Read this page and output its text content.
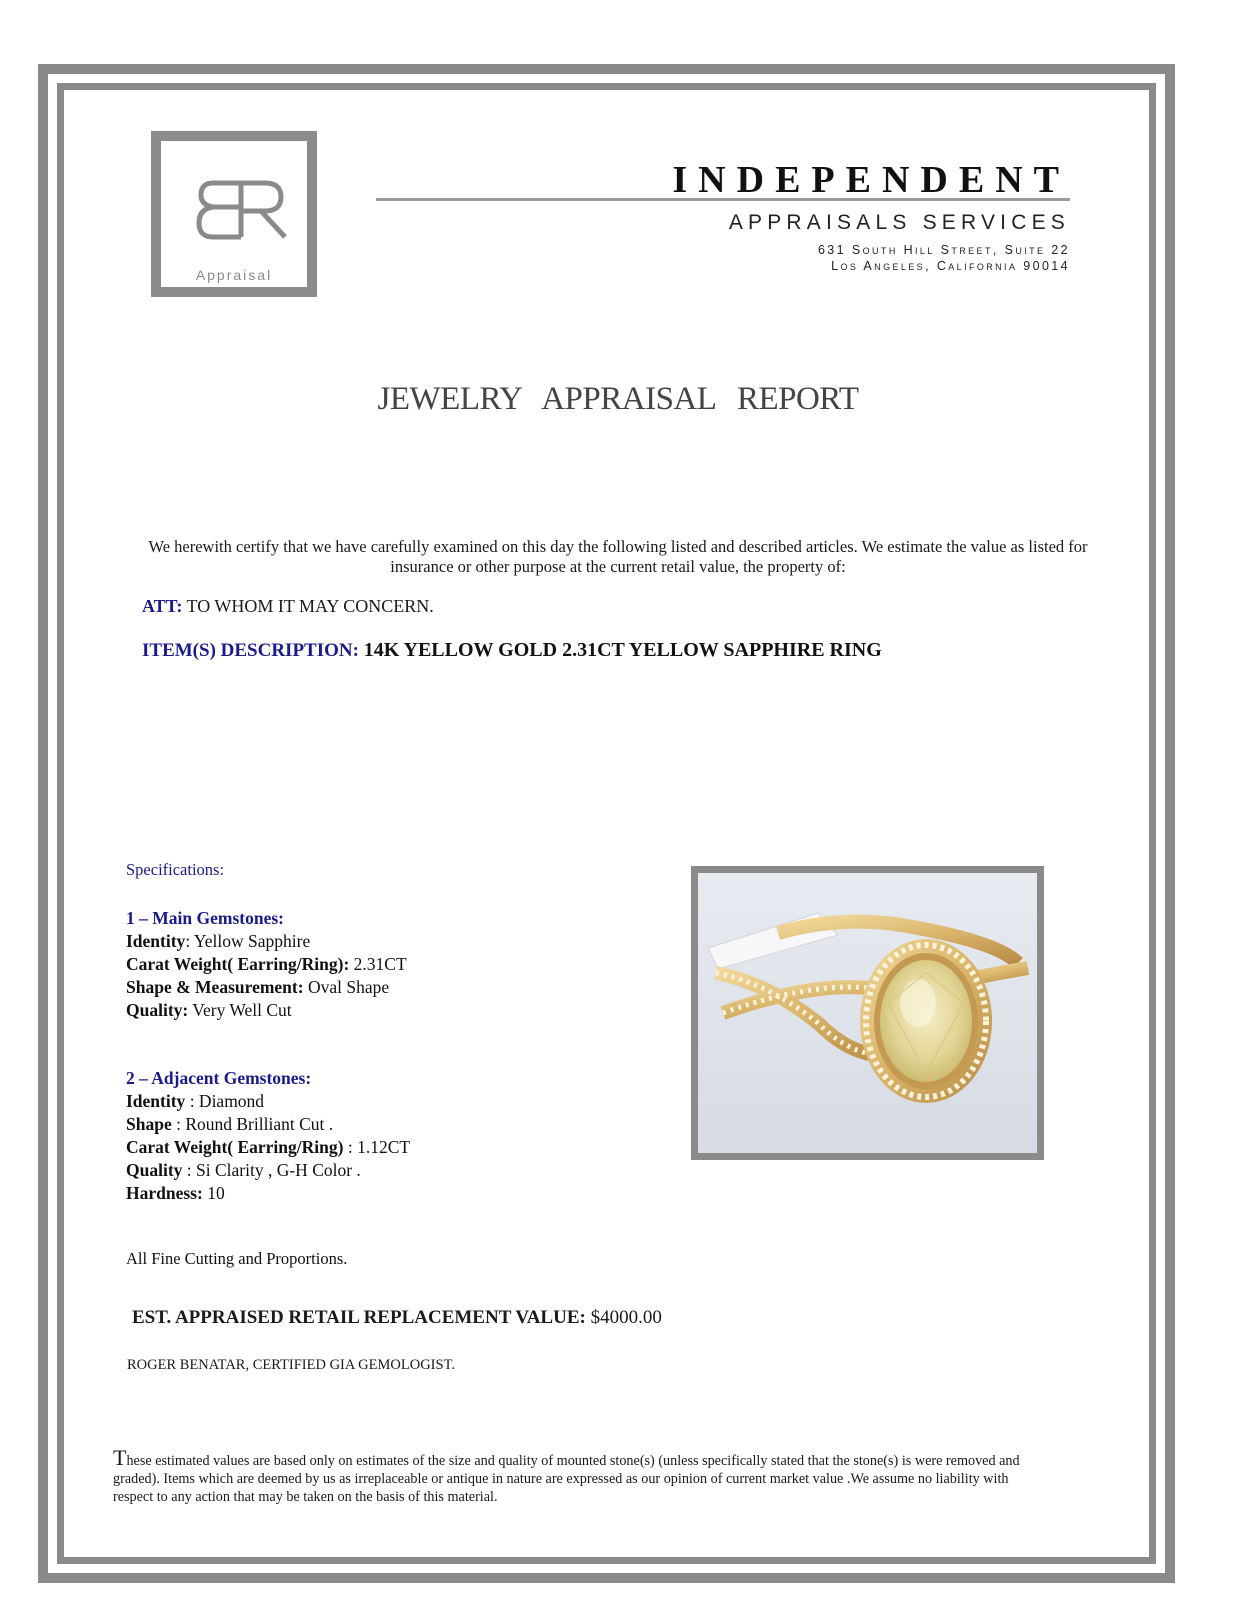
Appraisal
INDEPENDENT
APPRAISALS SERVICES
631 South Hill Street, Suite 22
Los Angeles, California 90014
JEWELRY APPRAISAL REPORT
We herewith certify that we have carefully examined on this day the following listed and described articles. We estimate the value as listed for insurance or other purpose at the current retail value, the property of:
ATT: TO WHOM IT MAY CONCERN.
ITEM(S) DESCRIPTION: 14K YELLOW GOLD 2.31CT YELLOW SAPPHIRE RING
Specifications:
1 – Main Gemstones:
Identity: Yellow Sapphire
Carat Weight( Earring/Ring): 2.31CT
Shape & Measurement: Oval Shape
Quality: Very Well Cut
2 – Adjacent Gemstones:
Identity : Diamond
Shape : Round Brilliant Cut .
Carat Weight( Earring/Ring) : 1.12CT
Quality : Si Clarity , G-H Color .
Hardness: 10
All Fine Cutting and Proportions.
EST. APPRAISED RETAIL REPLACEMENT VALUE: $4000.00
ROGER BENATAR, CERTIFIED GIA GEMOLOGIST.
These estimated values are based only on estimates of the size and quality of mounted stone(s) (unless specifically stated that the stone(s) is were removed and graded). Items which are deemed by us as irreplaceable or antique in nature are expressed as our opinion of current market value .We assume no liability with respect to any action that may be taken on the basis of this material.
